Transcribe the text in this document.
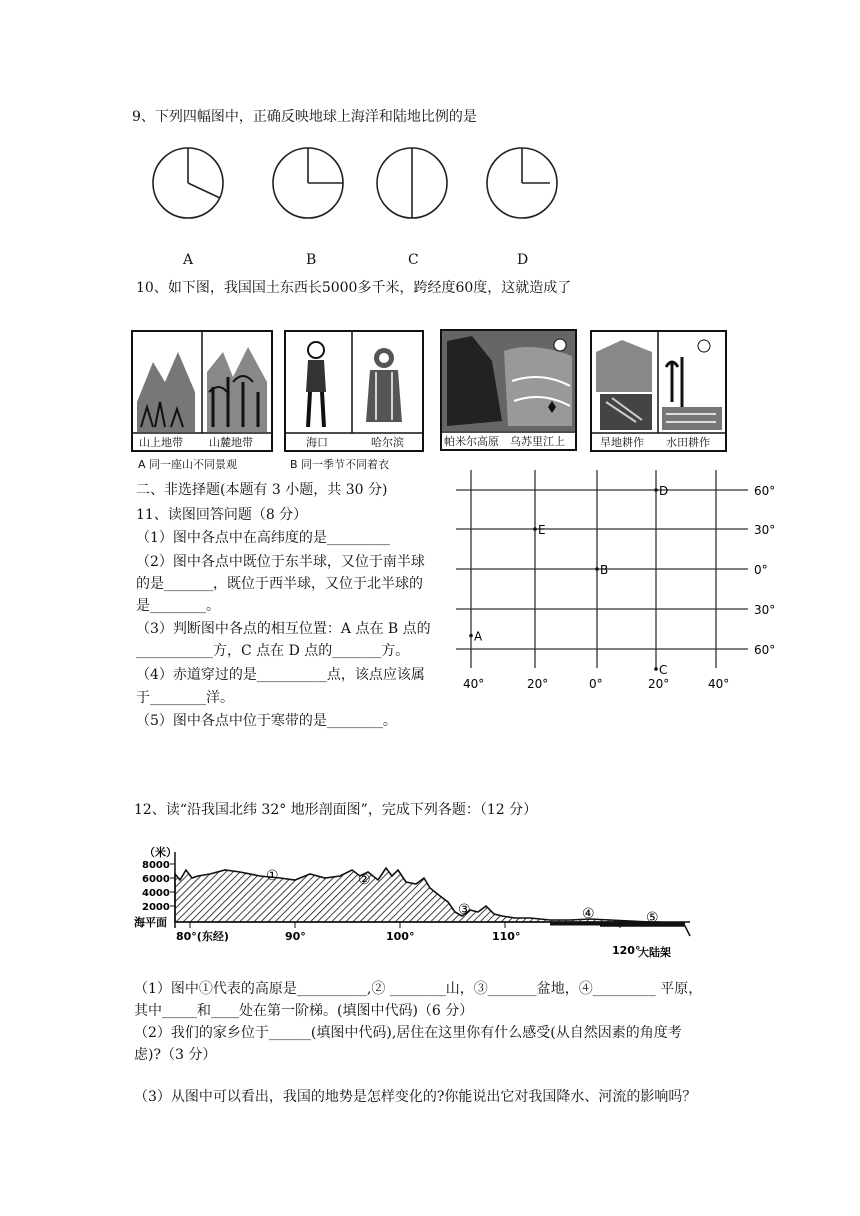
9、下列四幅图中，正确反映地球上海洋和陆地比例的是
A	B	C	D
10、如下图，我国国土东西长5000多千米，跨经度60度，这就造成了
山上地带 山麓地带
A 同一座山不同景观
海口	哈尔滨
B 同一季节不同着衣
帕米尔高原 乌苏里江上	旱地耕作 水田耕作
二、非选择题(本题有 3 小题，共 30 分)
11、读图回答问题（8 分）
（1）图中各点中在高纬度的是_________
（2）图中各点中既位于东半球，又位于南半球
的是_______，既位于西半球，又位于北半球的
是________。
（3）判断图中各点的相互位置：A 点在 B 点的
___________方，C 点在 D 点的_______方。
（4）赤道穿过的是__________点，该点应该属
于________洋。
（5）图中各点中位于寒带的是________。
60°
30°
0°
30°
60°
40°	20°	0°	20°	40°
D
E
B
A
C
12、读“沿我国北纬 32° 地形剖面图”，完成下列各题：（12 分）
（米）
8000
6000
4000
2000
海平面
80°(东经)	90°	100°	110°
120°
大陆架
①	②
③	④	⑤
（1）图中①代表的高原是__________,② ________山，③_______盆地，④_________ 平原，
其中_____和____处在第一阶梯。(填图中代码)（6 分）
（2）我们的家乡位于______(填图中代码),居住在这里你有什么感受(从自然因素的角度考
虑)?（3 分）
（3）从图中可以看出，我国的地势是怎样变化的?你能说出它对我国降水、河流的影响吗？
